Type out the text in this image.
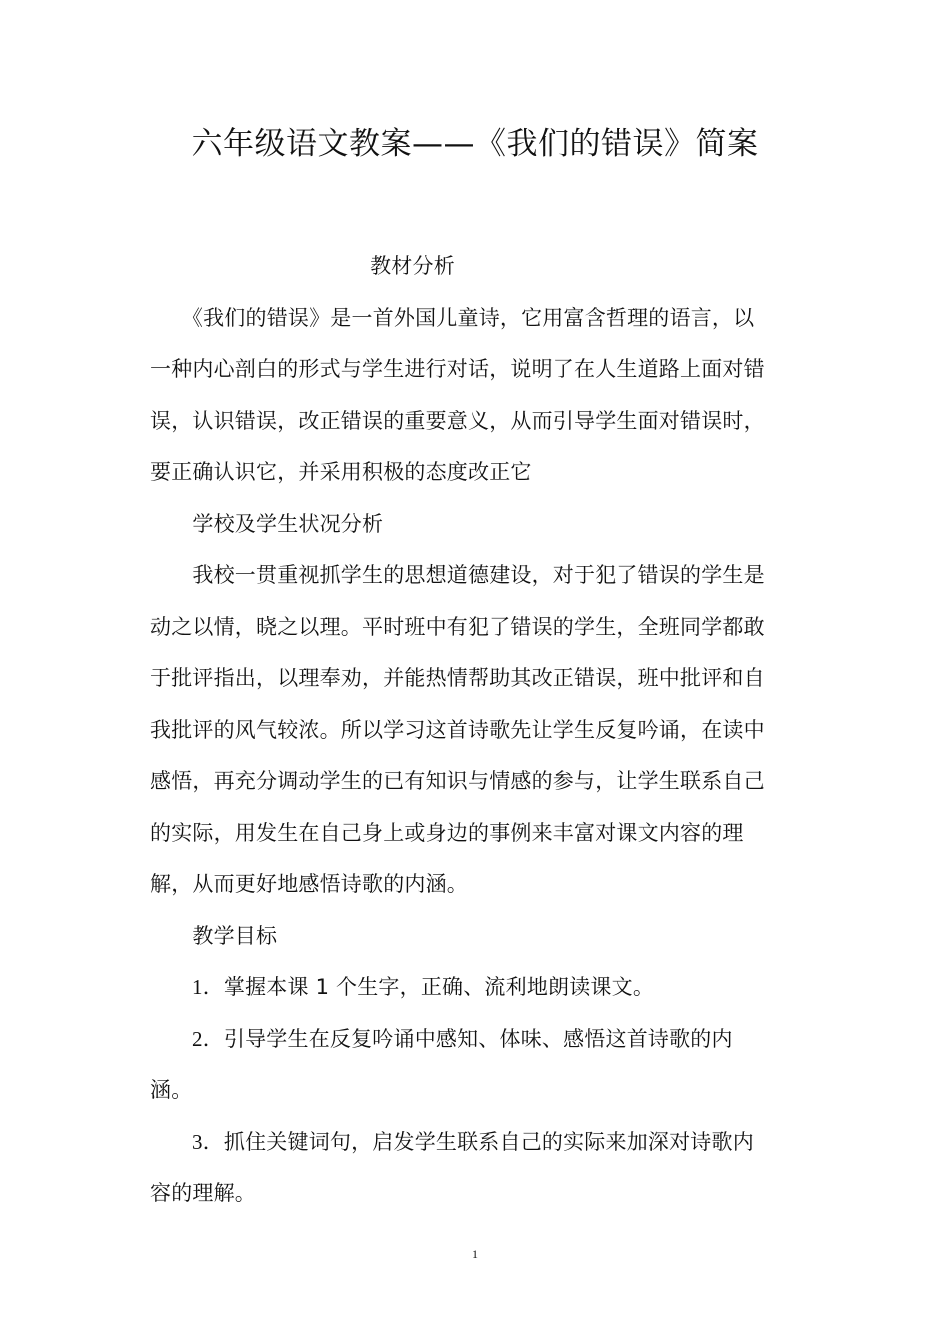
六年级语文教案——《我们的错误》简案
教材分析
　　《我们的错误》是一首外国儿童诗，它用富含哲理的语言，以
一种内心剖白的形式与学生进行对话，说明了在人生道路上面对错
误，认识错误，改正错误的重要意义，从而引导学生面对错误时，
要正确认识它，并采用积极的态度改正它
　　学校及学生状况分析
　　我校一贯重视抓学生的思想道德建设，对于犯了错误的学生是
动之以情，晓之以理。平时班中有犯了错误的学生，全班同学都敢
于批评指出，以理奉劝，并能热情帮助其改正错误，班中批评和自
我批评的风气较浓。所以学习这首诗歌先让学生反复吟诵，在读中
感悟，再充分调动学生的已有知识与情感的参与，让学生联系自己
的实际，用发生在自己身上或身边的事例来丰富对课文内容的理
解，从而更好地感悟诗歌的内涵。
　　教学目标
1．掌握本课 1 个生字，正确、流利地朗读课文。
2．引导学生在反复吟诵中感知、体味、感悟这首诗歌的内
涵。
3．抓住关键词句，启发学生联系自己的实际来加深对诗歌内
容的理解。
1
